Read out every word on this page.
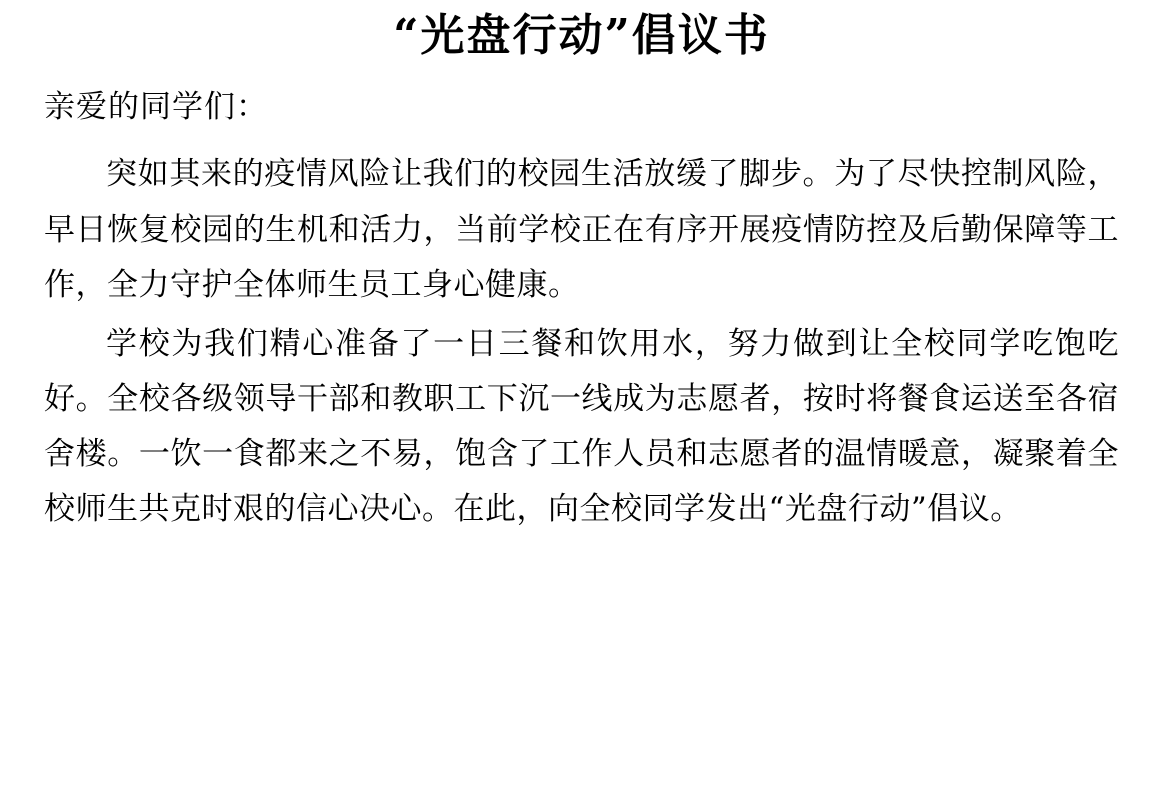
“光盘行动”倡议书

亲爱的同学们：

突如其来的疫情风险让我们的校园生活放缓了脚步。为了尽快控制风险，早日恢复校园的生机和活力，当前学校正在有序开展疫情防控及后勤保障等工作，全力守护全体师生员工身心健康。

学校为我们精心准备了一日三餐和饮用水，努力做到让全校同学吃饱吃好。全校各级领导干部和教职工下沉一线成为志愿者，按时将餐食运送至各宿舍楼。一饮一食都来之不易，饱含了工作人员和志愿者的温情暖意，凝聚着全校师生共克时艰的信心决心。在此，向全校同学发出“光盘行动”倡议。
